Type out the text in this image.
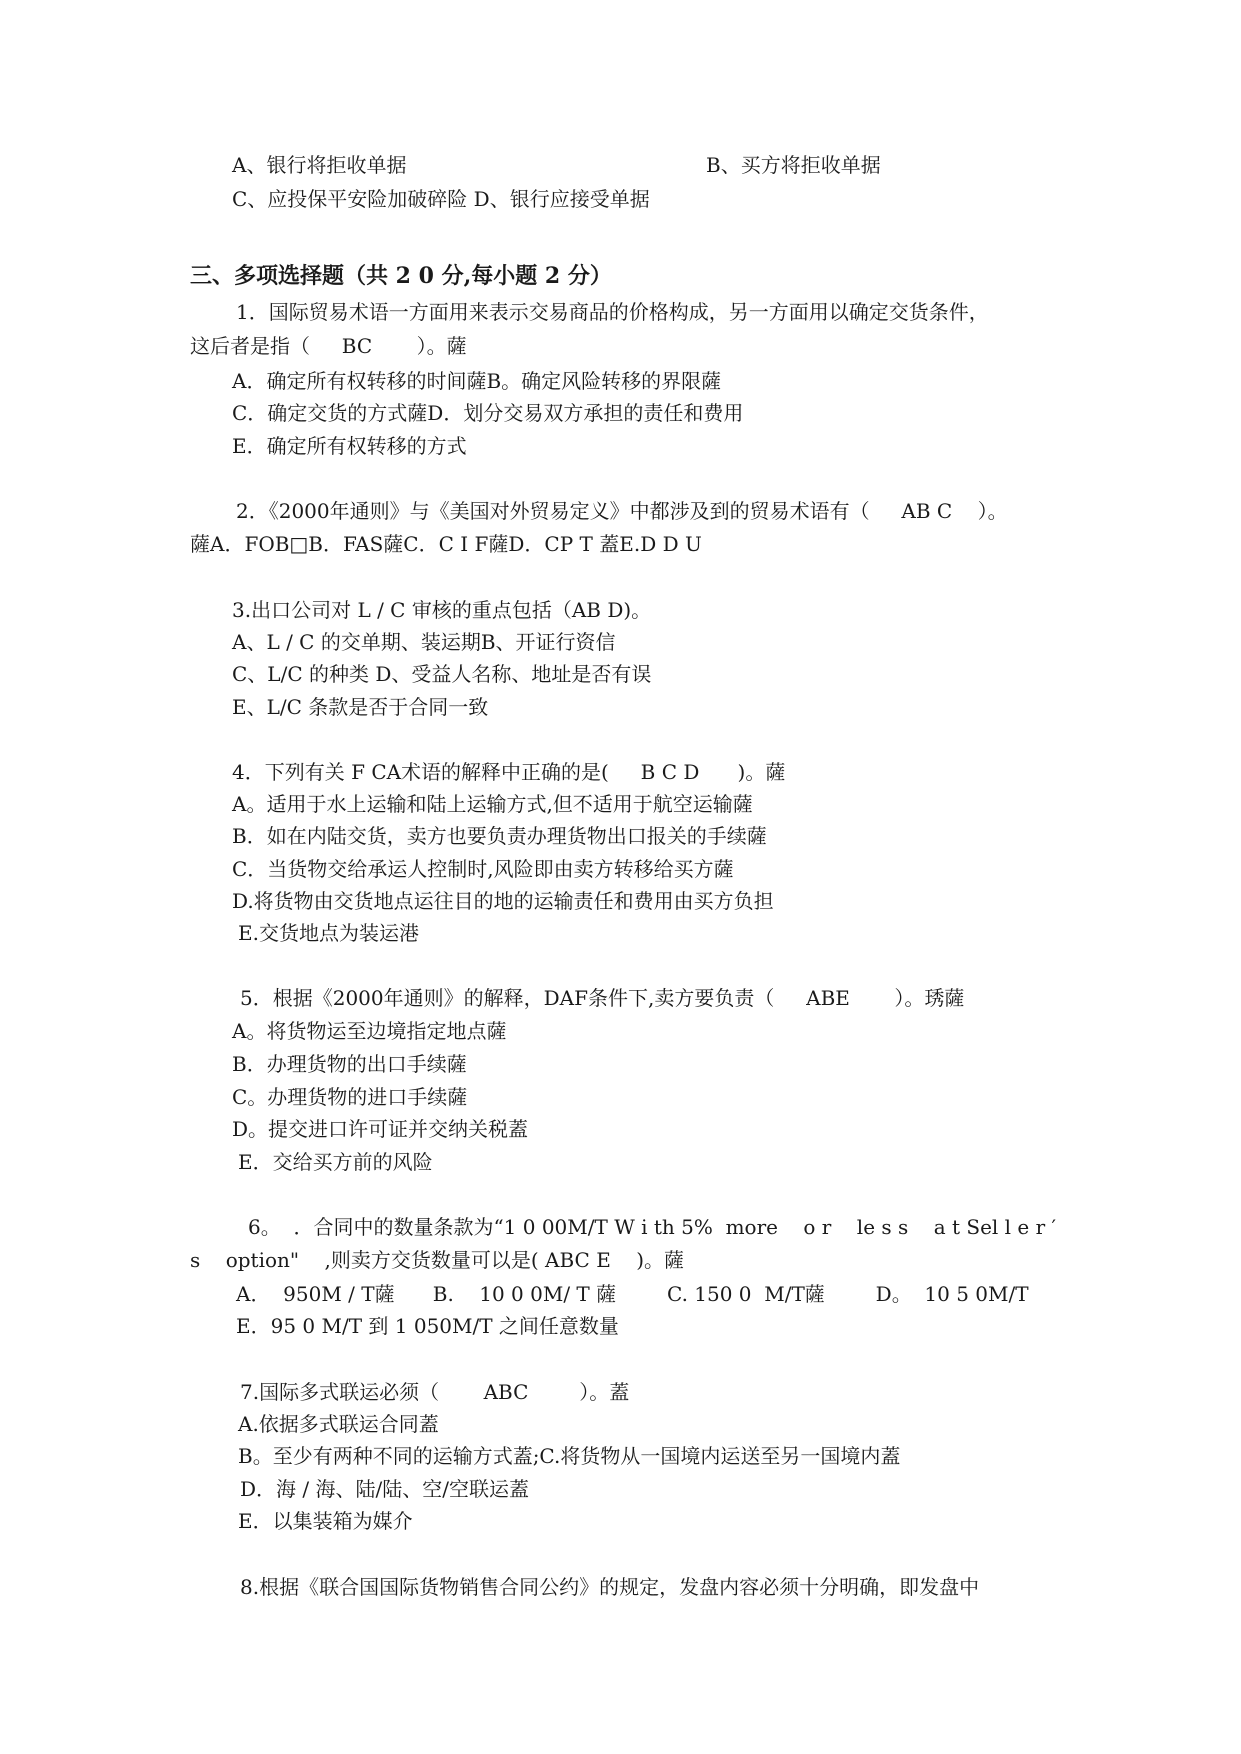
A、银行将拒收单据	B、买方将拒收单据
C、应投保平安险加破碎险 D、银行应接受单据
三、多项选择题（共 2 0 分,每小题 2 分）
1．国际贸易术语一方面用来表示交易商品的价格构成，另一方面用以确定交货条件，
这后者是指（     BC       ）。薩
A．确定所有权转移的时间薩B。确定风险转移的界限薩
C．确定交货的方式薩D．划分交易双方承担的责任和费用
E．确定所有权转移的方式
2．《2000年通则》与《美国对外贸易定义》中都涉及到的贸易术语有（     AB C    ）。
薩A．FOB□B．FAS薩C．C I F薩D．CP T 蓋E.D D U
3.出口公司对 L / C 审核的重点包括（AB D)。
A、L / C 的交单期、装运期B、开证行资信
C、L/C 的种类 D、受益人名称、地址是否有误
E、L/C 条款是否于合同一致
4．下列有关 F CA术语的解释中正确的是(     B C D      )。薩
A。适用于水上运输和陆上运输方式,但不适用于航空运输薩
B．如在内陆交货，卖方也要负责办理货物出口报关的手续薩
C．当货物交给承运人控制时,风险即由卖方转移给买方薩
D.将货物由交货地点运往目的地的运输责任和费用由买方负担
E.交货地点为装运港
5．根据《2000年通则》的解释，DAF条件下,卖方要负责（     ABE       ）。琇薩
A。将货物运至边境指定地点薩
B．办理货物的出口手续薩
C。办理货物的进口手续薩
D。提交进口许可证并交纳关税蓋
E．交给买方前的风险
6。  ．合同中的数量条款为“1 0 00M/T W i th 5%  more    o r    le s s    a t Sel l e r ′
s    option"    ,则卖方交货数量可以是( ABC E    )。薩
A．  950M / T薩      B.    10 0 0M/ T 薩        C. 150 0  M/T薩        D。  10 5 0M/T
E．95 0 M/T 到 1 050M/T 之间任意数量
7.国际多式联运必须（       ABC        ）。蓋
A.依据多式联运合同蓋
B。至少有两种不同的运输方式蓋;C.将货物从一国境内运送至另一国境内蓋
D．海 / 海、陆/陆、空/空联运蓋
E．以集装箱为媒介
8.根据《联合国国际货物销售合同公约》的规定，发盘内容必须十分明确，即发盘中
